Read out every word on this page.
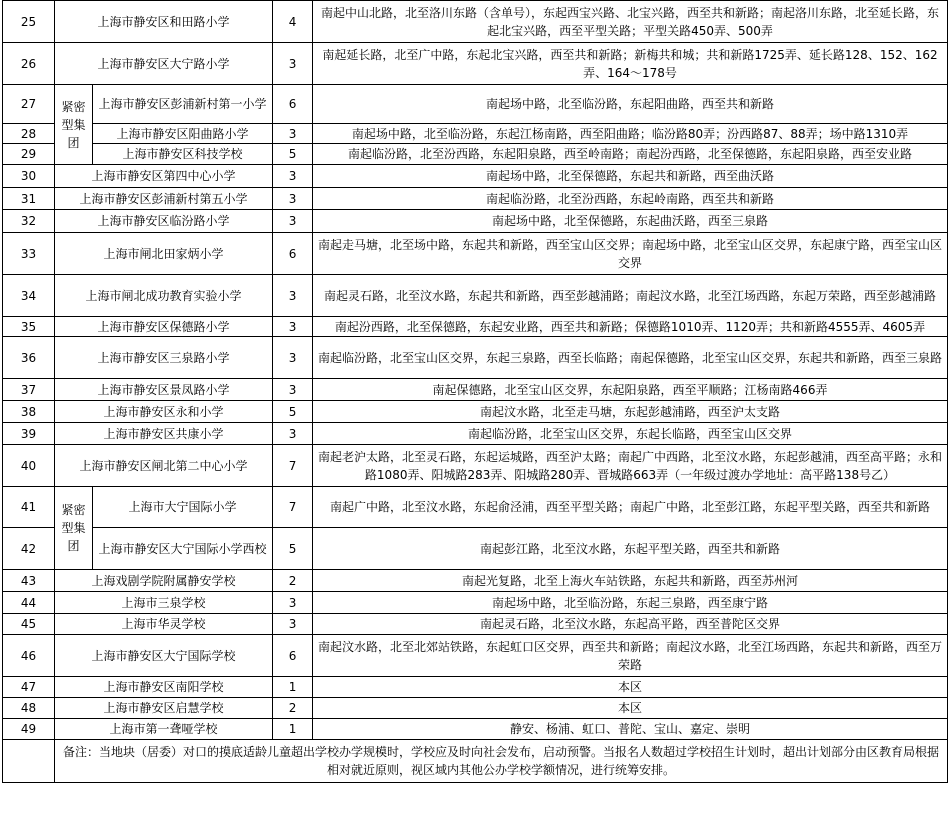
25	上海市静安区和田路小学		4	南起中山北路，北至洛川东路（含单号），东起西宝兴路、北宝兴路，西至共和新路；南起洛川东路，北至延长路，东起北宝兴路，西至平型关路；平型关路450弄、500弄
26	上海市静安区大宁路小学		3	南起延长路，北至广中路，东起北宝兴路，西至共和新路；新梅共和城；共和新路1725弄、延长路128、152、162弄、164～178号
27	紧密型集团	上海市静安区彭浦新村第一小学	6	南起场中路，北至临汾路，东起阳曲路，西至共和新路
28		上海市静安区阳曲路小学	3	南起场中路，北至临汾路，东起江杨南路，西至阳曲路；临汾路80弄；汾西路87、88弄；场中路1310弄
29		上海市静安区科技学校	5	南起临汾路，北至汾西路，东起阳泉路，西至岭南路；南起汾西路，北至保德路，东起阳泉路，西至安业路
30	上海市静安区第四中心小学		3	南起场中路，北至保德路，东起共和新路，西至曲沃路
31	上海市静安区彭浦新村第五小学		3	南起临汾路，北至汾西路，东起岭南路，西至共和新路
32	上海市静安区临汾路小学		3	南起场中路，北至保德路，东起曲沃路，西至三泉路
33	上海市闸北田家炳小学		6	南起走马塘，北至场中路，东起共和新路，西至宝山区交界；南起场中路，北至宝山区交界，东起康宁路，西至宝山区交界
34	上海市闸北成功教育实验小学		3	南起灵石路，北至汶水路，东起共和新路，西至彭越浦路；南起汶水路，北至江场西路，东起万荣路，西至彭越浦路
35	上海市静安区保德路小学		3	南起汾西路，北至保德路，东起安业路，西至共和新路；保德路1010弄、1120弄；共和新路4555弄、4605弄
36	上海市静安区三泉路小学		3	南起临汾路，北至宝山区交界，东起三泉路，西至长临路；南起保德路，北至宝山区交界，东起共和新路，西至三泉路
37	上海市静安区景凤路小学		3	南起保德路，北至宝山区交界，东起阳泉路，西至平顺路；江杨南路466弄
38	上海市静安区永和小学		5	南起汶水路，北至走马塘，东起彭越浦路，西至沪太支路
39	上海市静安区共康小学		3	南起临汾路，北至宝山区交界，东起长临路，西至宝山区交界
40	上海市静安区闸北第二中心小学		7	南起老沪太路，北至灵石路，东起运城路，西至沪太路；南起广中西路，北至汶水路，东起彭越浦，西至高平路；永和路1080弄、阳城路283弄、阳城路280弄、晋城路663弄（一年级过渡办学地址：高平路138号乙）
41	紧密型集团	上海市大宁国际小学	7	南起广中路，北至汶水路，东起俞泾浦，西至平型关路；南起广中路，北至彭江路，东起平型关路，西至共和新路
42		上海市静安区大宁国际小学西校	5	南起彭江路，北至汶水路，东起平型关路，西至共和新路
43	上海戏剧学院附属静安学校		2	南起光复路，北至上海火车站铁路，东起共和新路，西至苏州河
44	上海市三泉学校		3	南起场中路，北至临汾路，东起三泉路，西至康宁路
45	上海市华灵学校		3	南起灵石路，北至汶水路，东起高平路，西至普陀区交界
46	上海市静安区大宁国际学校		6	南起汶水路，北至北郊站铁路，东起虹口区交界，西至共和新路；南起汶水路，北至江场西路，东起共和新路，西至万荣路
47	上海市静安区南阳学校		1	本区
48	上海市静安区启慧学校		2	本区
49	上海市第一聋哑学校		1	静安、杨浦、虹口、普陀、宝山、嘉定、崇明
	备注：当地块（居委）对口的摸底适龄儿童超出学校办学规模时，学校应及时向社会发布，启动预警。当报名人数超过学校招生计划时，超出计划部分由区教育局根据相对就近原则，视区域内其他公办学校学额情况，进行统筹安排。			
